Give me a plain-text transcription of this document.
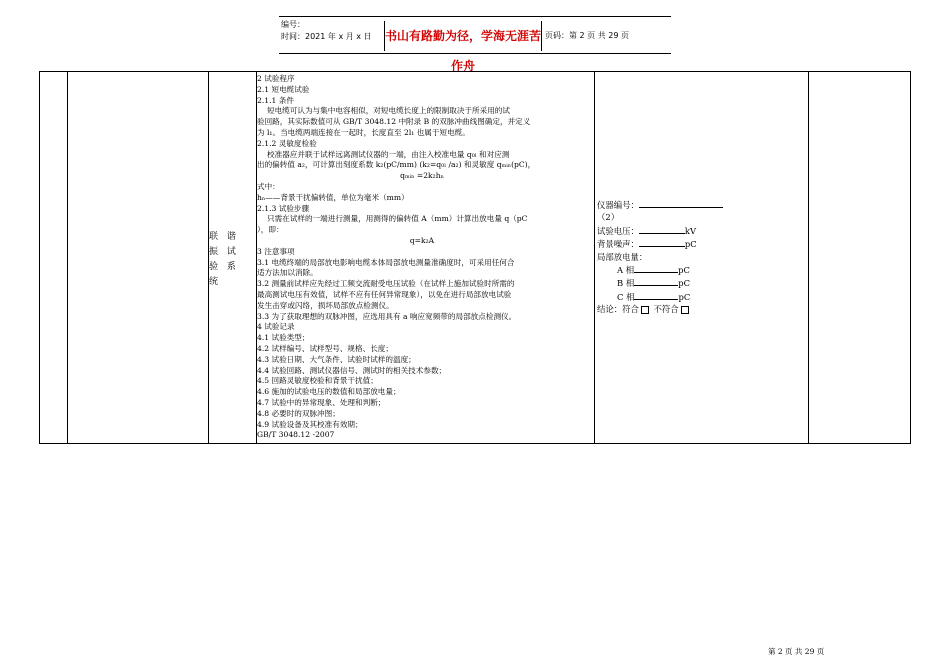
编号：
时间：2021 年 x 月 x 日 书山有路勤为径，学海无涯苦作舟
页码：第 2 页 共 29 页
联 谐 振 试 验 系 统
2 试验程序
2.1 短电缆试验
2.1.1 条件
短电缆可认为与集中电容相似，对短电缆长度上的限制取决于所采用的试
验回路，其实际数值可从 GB/T 3048.12 中附录 B 的双脉冲曲线图确定，并定义
为 l₁。当电缆两端连接在一起时，长度直至 2l₁ 也属于短电缆。
2.1.2 灵敏度检验
校准器应并联于试样远离测试仪器的一端，由注入校准电量 q₀ₗ 和对应测
出的偏转值 a₂，可计算出刻度系数 k₂(pC/mm) (k₂=q₀ₗ /a₂) 和灵敏度 qₘᵢₙ(pC)，
qₘᵢₙ =2k₂hₙ
式中：
hₙ——背景干扰偏转值，单位为毫米（mm）
2.1.3 试验步骤
只需在试样的一端进行测量，用测得的偏转值 A（mm）计算出放电量 q（pC
），即：
q=k₂A
3 注意事项
3.1 电缆终端的局部放电影响电缆本体局部放电测量准确度时，可采用任何合
适方法加以消除。
3.2 测量前试样应先经过工频交流耐受电压试验（在试样上施加试验时所需的
最高测试电压有效值，试样不应有任何异常现象），以免在进行局部放电试验
发生击穿或闪络，损坏局部放点检测仪。
3.3 为了获取理想的双脉冲图，应选用具有 a 响应宽频带的局部放点检测仪。
4 试验记录
4.1 试验类型；
4.2 试样编号、试样型号、规格、长度；
4.3 试验日期、大气条件、试验时试样的温度；
4.4 试验回路、测试仪器信号、测试时的相关技术参数；
4.5 回路灵敏度校验和背景干扰值；
4.6 施加的试验电压的数值和局部放电量；
4.7 试验中的异常现象、处理和判断；
4.8 必要时的双脉冲图；
4.9 试验设备及其校准有效期；
GB/T 3048.12 -2007
仪器编号：
（2）
试验电压：	kV
背景噪声：	pC
局部放电量：
A 相	pC
B 相	pC
C 相	pC
结论：符合 不符合
第 2 页 共 29 页
